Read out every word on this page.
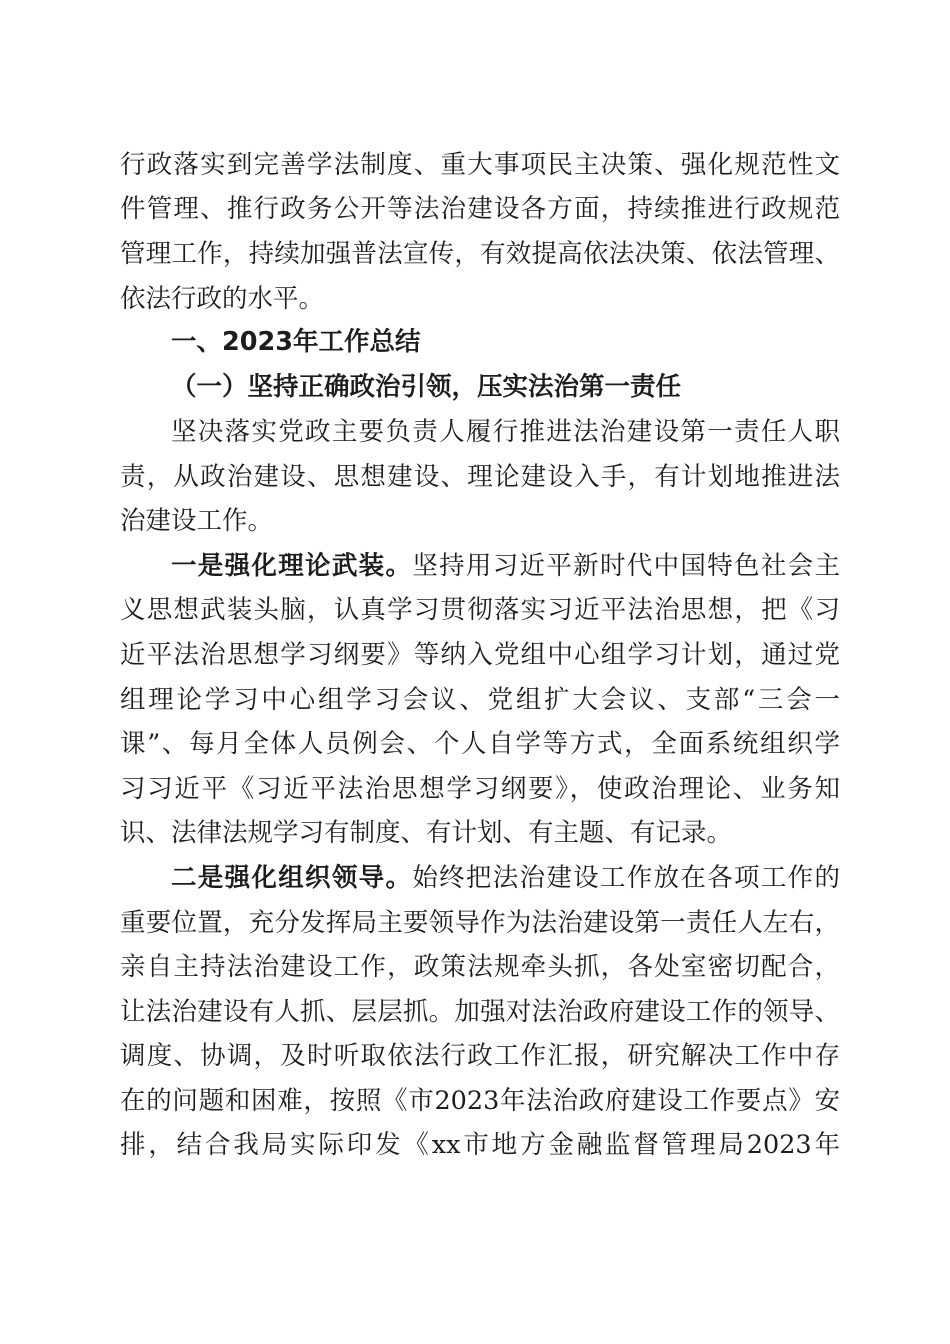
行政落实到完善学法制度、重大事项民主决策、强化规范性文
件管理、推行政务公开等法治建设各方面，持续推进行政规范
管理工作，持续加强普法宣传，有效提高依法决策、依法管理、
依法行政的水平。
一、2023年工作总结
（一）坚持正确政治引领，压实法治第一责任
坚决落实党政主要负责人履行推进法治建设第一责任人职
责，从政治建设、思想建设、理论建设入手，有计划地推进法
治建设工作。
一是强化理论武装。坚持用习近平新时代中国特色社会主
义思想武装头脑，认真学习贯彻落实习近平法治思想，把《习
近平法治思想学习纲要》等纳入党组中心组学习计划，通过党
组理论学习中心组学习会议、党组扩大会议、支部“三会一
课”、每月全体人员例会、个人自学等方式，全面系统组织学
习习近平《习近平法治思想学习纲要》，使政治理论、业务知
识、法律法规学习有制度、有计划、有主题、有记录。
二是强化组织领导。始终把法治建设工作放在各项工作的
重要位置，充分发挥局主要领导作为法治建设第一责任人左右，
亲自主持法治建设工作，政策法规牵头抓，各处室密切配合，
让法治建设有人抓、层层抓。加强对法治政府建设工作的领导、
调度、协调，及时听取依法行政工作汇报，研究解决工作中存
在的问题和困难，按照《市2023年法治政府建设工作要点》安
排，结合我局实际印发《xx市地方金融监督管理局2023年
